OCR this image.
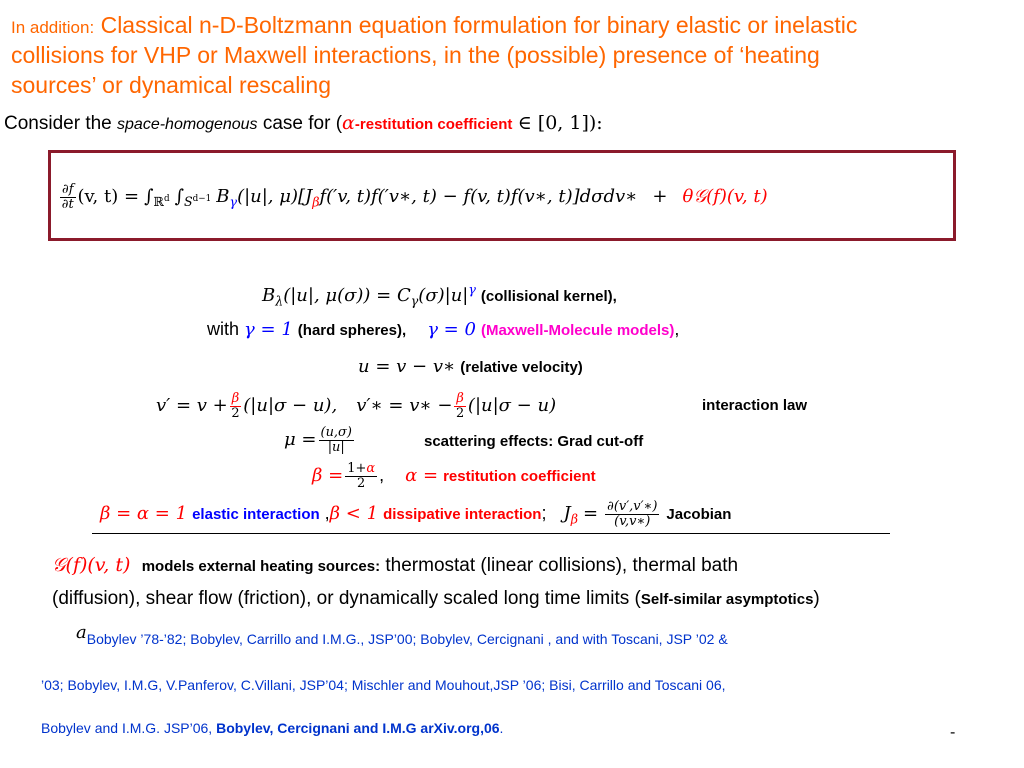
In addition: Classical n-D-Boltzmann equation formulation for binary elastic or inelastic
collisions for VHP or Maxwell interactions, in the (possible) presence of ‘heating
sources’ or dynamical rescaling
Consider the space-homogenous case for (α-restitution coefficient ∈ [0, 1]):
$\frac{\partial f}{\partial t} (v$, $t) = \int_{ℝ^d}$ $\int_{S^{d-1}}$ $B_\gamma(|u|$, $\mu)[J_\beta f('v$, t)f(′v∗, t) − f(v, t)f(v∗, t)]dσdv∗ + θ𝒢(f)(v, t)
$B_\lambda(|u|$, $\mu(\sigma)) = C_\gamma(\sigma)|u|^\gamma$ (collisional kernel),
with γ = 1 (hard spheres), γ = 0 (Maxwell-Molecule models),
u = v − v∗ (relative velocity)
$v' = v + \frac{\beta}{2} (|u|\sigma - u)$, v′∗ = v∗ − $\frac{\beta}{2} (|u|\sigma - u)$	interaction law
$\mu = \frac{(u,\sigma)}{|u|}$	scattering effects: Grad cut-off
$\beta = \frac{1+\alpha}{2}$ , α = restitution coefficient
β = α = 1 elastic interaction ,β < 1 dissipative interaction; $J_\beta = \frac{\partial(v',v'∗)}{(v,v∗)}$ Jacobian
𝒢(f)(v, t) models external heating sources: thermostat (linear collisions), thermal bath
(diffusion), shear flow (friction), or dynamically scaled long time limits (Self-similar asymptotics)
$^a$Bobylev ’78-’82; Bobylev, Carrillo and I.M.G., JSP’00; Bobylev, Cercignani , and with Toscani, JSP ’02 &
’03; Bobylev, I.M.G, V.Panferov, C.Villani, JSP’04; Mischler and Mouhout,JSP ’06; Bisi, Carrillo and Toscani 06,
Bobylev and I.M.G. JSP’06, Bobylev, Cercignani and I.M.G arXiv.org,06.	-
